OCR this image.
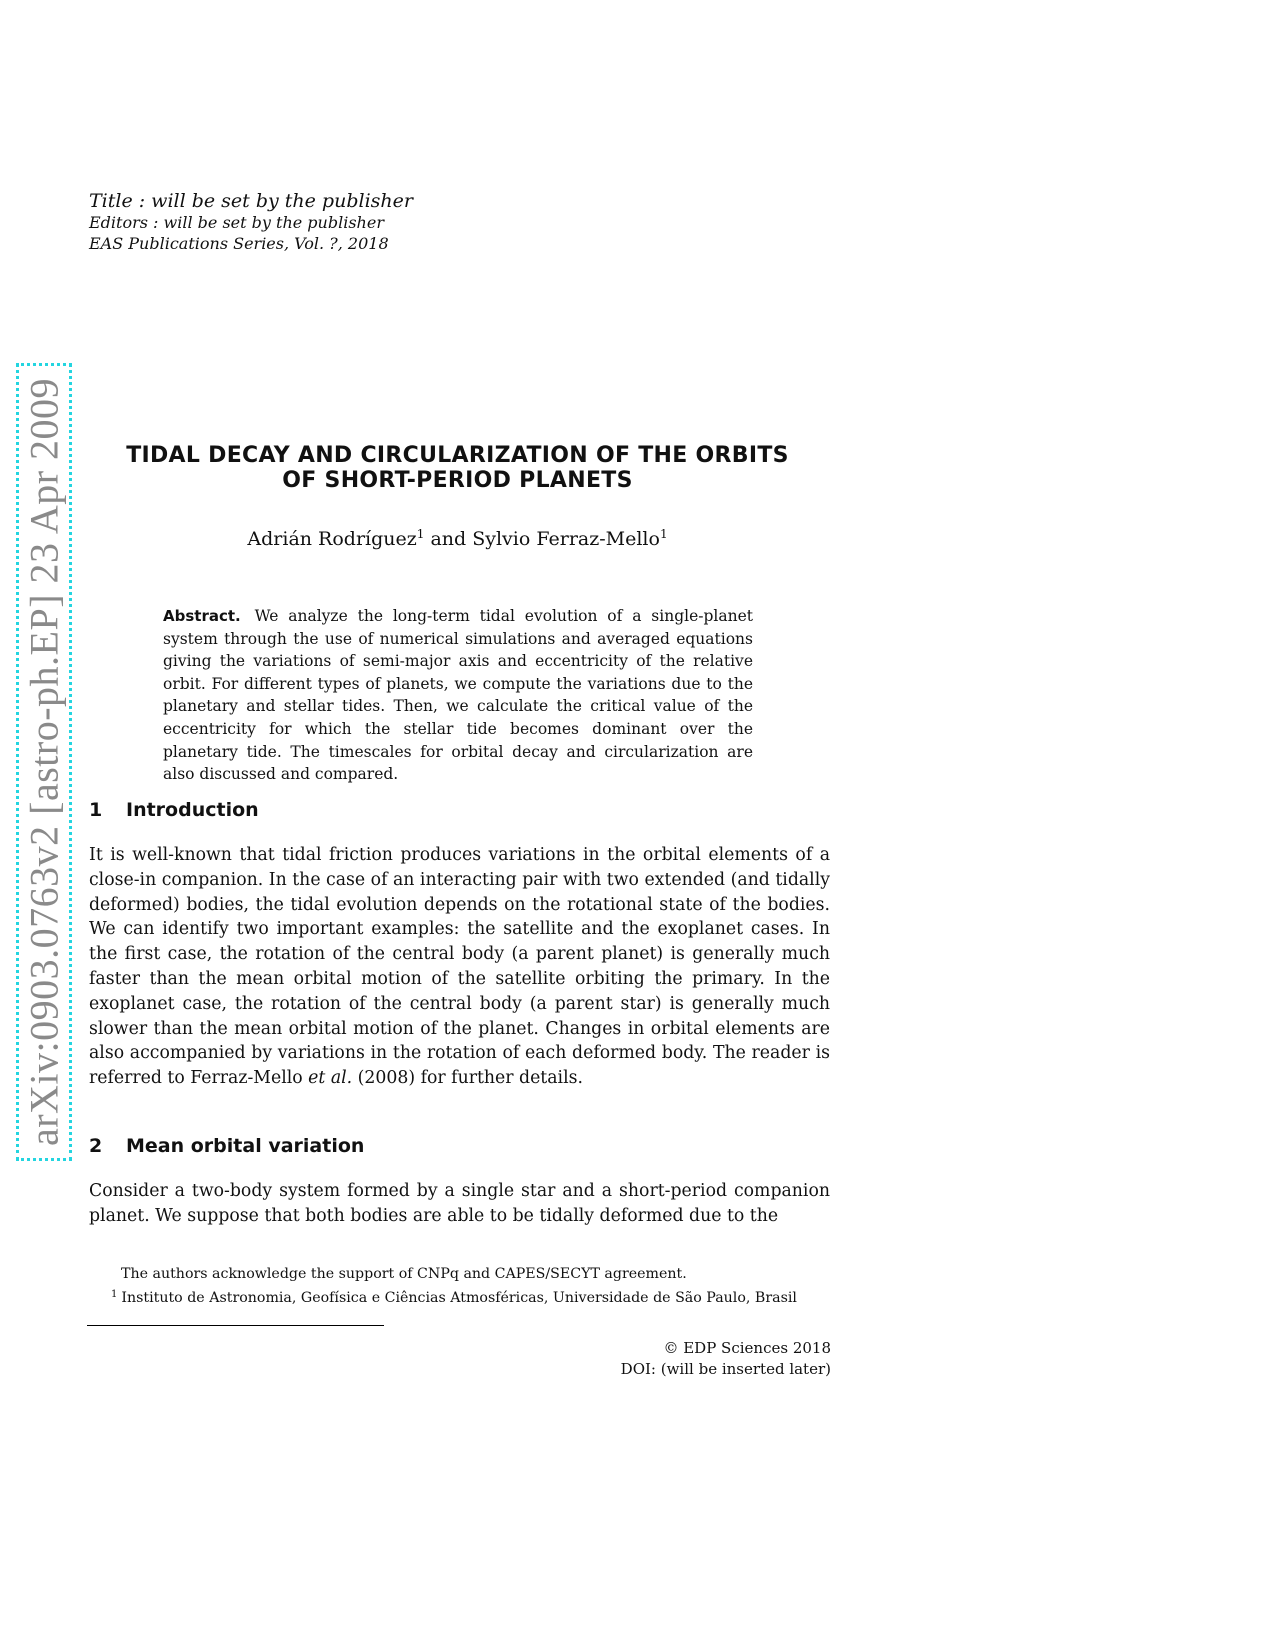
Title : will be set by the publisher
Editors : will be set by the publisher
EAS Publications Series, Vol. ?, 2018
arXiv:0903.0763v2 [astro-ph.EP] 23 Apr 2009	TIDAL DECAY AND CIRCULARIZATION OF THE ORBITS
OF SHORT-PERIOD PLANETS
Adrián Rodríguez$^1$ and Sylvio Ferraz-Mello$^1$
Abstract. We analyze the long-term tidal evolution of a single-planet system through the use of numerical simulations and averaged equations giving the variations of semi-major axis and eccentricity of the relative orbit. For different types of planets, we compute the variations due to the planetary and stellar tides. Then, we calculate the critical value of the eccentricity for which the stellar tide becomes dominant over the planetary tide. The timescales for orbital decay and circularization are also discussed and compared.
1 Introduction
It is well-known that tidal friction produces variations in the orbital elements of a close-in companion. In the case of an interacting pair with two extended (and tidally deformed) bodies, the tidal evolution depends on the rotational state of the bodies. We can identify two important examples: the satellite and the exoplanet cases. In the first case, the rotation of the central body (a parent planet) is generally much faster than the mean orbital motion of the satellite orbiting the primary. In the exoplanet case, the rotation of the central body (a parent star) is generally much slower than the mean orbital motion of the planet. Changes in orbital elements are also accompanied by variations in the rotation of each deformed body. The reader is referred to Ferraz-Mello et al. (2008) for further details.
2 Mean orbital variation
Consider a two-body system formed by a single star and a short-period companion planet. We suppose that both bodies are able to be tidally deformed due to the
The authors acknowledge the support of CNPq and CAPES/SECYT agreement.
$^1$ Instituto de Astronomia, Geofísica e Ciências Atmosféricas, Universidade de São Paulo, Brasil
© EDP Sciences 2018
DOI: (will be inserted later)
